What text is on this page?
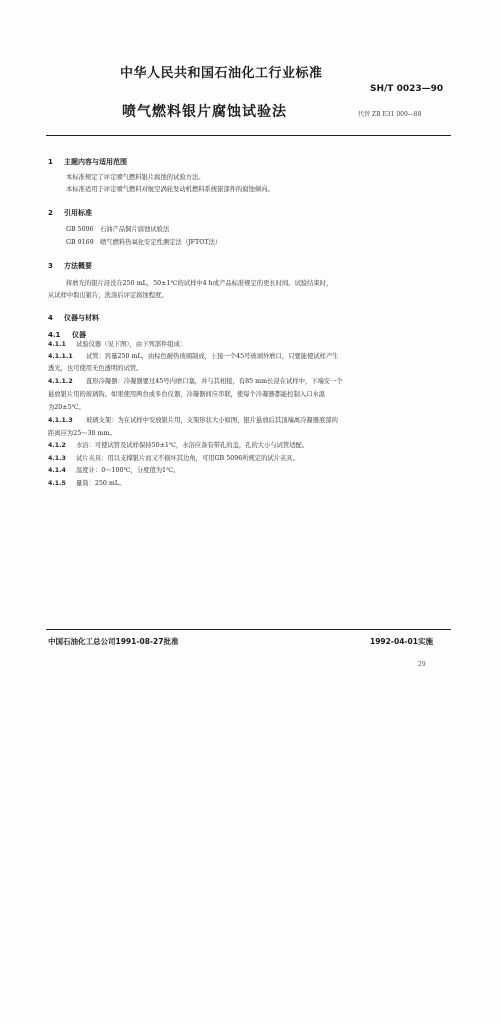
中华人民共和国石油化工行业标准
SH/T 0023—90
喷气燃料银片腐蚀试验法	代替 ZB E31 009—88
1 主题内容与适用范围
本标准规定了评定喷气燃料银片腐蚀的试验方法。
本标准适用于评定喷气燃料对航空涡轮发动机燃料系统银部件的腐蚀倾向。
2 引用标准
GB 5096　石油产品铜片腐蚀试验法
GB 9169　喷气燃料热氧化安定性测定法（JFTOT法）
3 方法概要
将磨光的银片浸没在250 mL，50±1℃的试样中4 h或产品标准规定的更长时间。试验结束时，
从试样中取出银片，洗涤后评定腐蚀程度。
4 仪器与材料
4.1 仪器
4.1.1 试验仪器（见下图），由下列部件组成：
4.1.1.1 试管：容量250 mL，由棕色耐热玻璃制成，上接一个45号玻璃外磨口，只要能使试样产生
透光，也可使用无色透明的试管。
4.1.1.2 直形冷凝器：冷凝器要过45号内磨口塞，并与其相接，有85 mm长浸在试样中，下端安一个
悬放银片用的玻璃钩。如果使用两台或多台仪器，冷凝器间应串联，使每个冷凝器都能控制入口水温
为20±5℃。
4.1.1.3 玻璃支架：为在试样中安放银片用，支架形状大小如图，银片悬放后其顶端离冷凝器底部的
距离应为25～30 mm。
4.1.2 水浴：可使试管及试样保持50±1℃，水浴应备有带孔的盖，孔的大小与试管适配。
4.1.3 试片夹具：用以支撑银片而又不损坏其边角，可用GB 5096所规定的试片夹具。
4.1.4 温度计：0～100℃，分度值为1℃。
4.1.5 量筒：250 mL。
中国石油化工总公司1991-08-27批准	1992-04-01实施
29
